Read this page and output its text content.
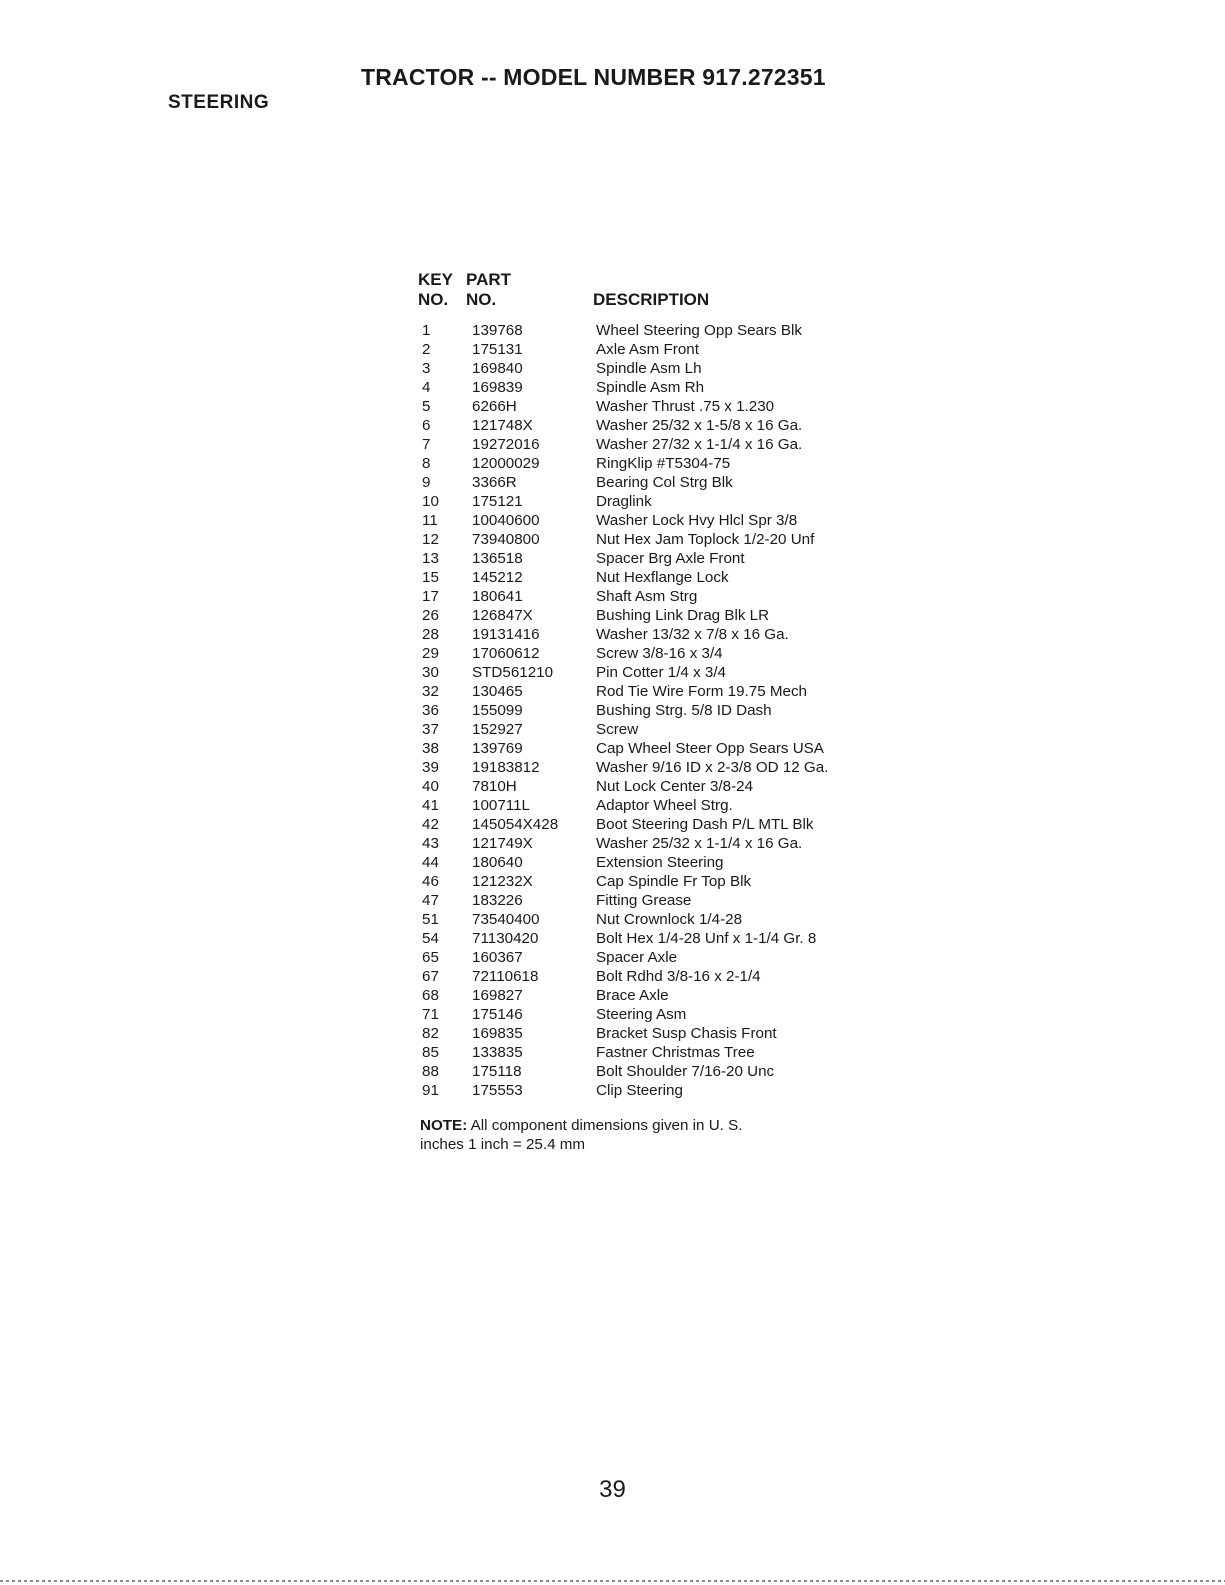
TRACTOR -- MODEL NUMBER 917.272351
STEERING
KEY
NO.
PART
NO.	DESCRIPTION
1	139768	Wheel Steering Opp Sears Blk
2	175131	Axle Asm Front
3	169840	Spindle Asm Lh
4	169839	Spindle Asm Rh
5	6266H	Washer Thrust .75 x 1.230
6	121748X	Washer 25/32 x 1-5/8 x 16 Ga.
7	19272016	Washer 27/32 x 1-1/4 x 16 Ga.
8	12000029	RingKlip #T5304-75
9	3366R	Bearing Col Strg Blk
10	175121	Draglink
11	10040600	Washer Lock Hvy Hlcl Spr 3/8
12	73940800	Nut Hex Jam Toplock 1/2-20 Unf
13	136518	Spacer Brg Axle Front
15	145212	Nut Hexflange Lock
17	180641	Shaft Asm Strg
26	126847X	Bushing Link Drag Blk LR
28	19131416	Washer 13/32 x 7/8 x 16 Ga.
29	17060612	Screw 3/8-16 x 3/4
30	STD561210	Pin Cotter 1/4 x 3/4
32	130465	Rod Tie Wire Form 19.75 Mech
36	155099	Bushing Strg. 5/8 ID Dash
37	152927	Screw
38	139769	Cap Wheel Steer Opp Sears USA
39	19183812	Washer 9/16 ID x 2-3/8 OD 12 Ga.
40	7810H	Nut Lock Center 3/8-24
41	100711L	Adaptor Wheel Strg.
42	145054X428	Boot Steering Dash P/L MTL Blk
43	121749X	Washer 25/32 x 1-1/4 x 16 Ga.
44	180640	Extension Steering
46	121232X	Cap Spindle Fr Top Blk
47	183226	Fitting Grease
51	73540400	Nut Crownlock 1/4-28
54	71130420	Bolt Hex 1/4-28 Unf x 1-1/4 Gr. 8
65	160367	Spacer Axle
67	72110618	Bolt Rdhd 3/8-16 x 2-1/4
68	169827	Brace Axle
71	175146	Steering Asm
82	169835	Bracket Susp Chasis Front
85	133835	Fastner Christmas Tree
88	175118	Bolt Shoulder 7/16-20 Unc
91	175553	Clip Steering
NOTE: All component dimensions given in U. S.
inches 1 inch = 25.4 mm
39
